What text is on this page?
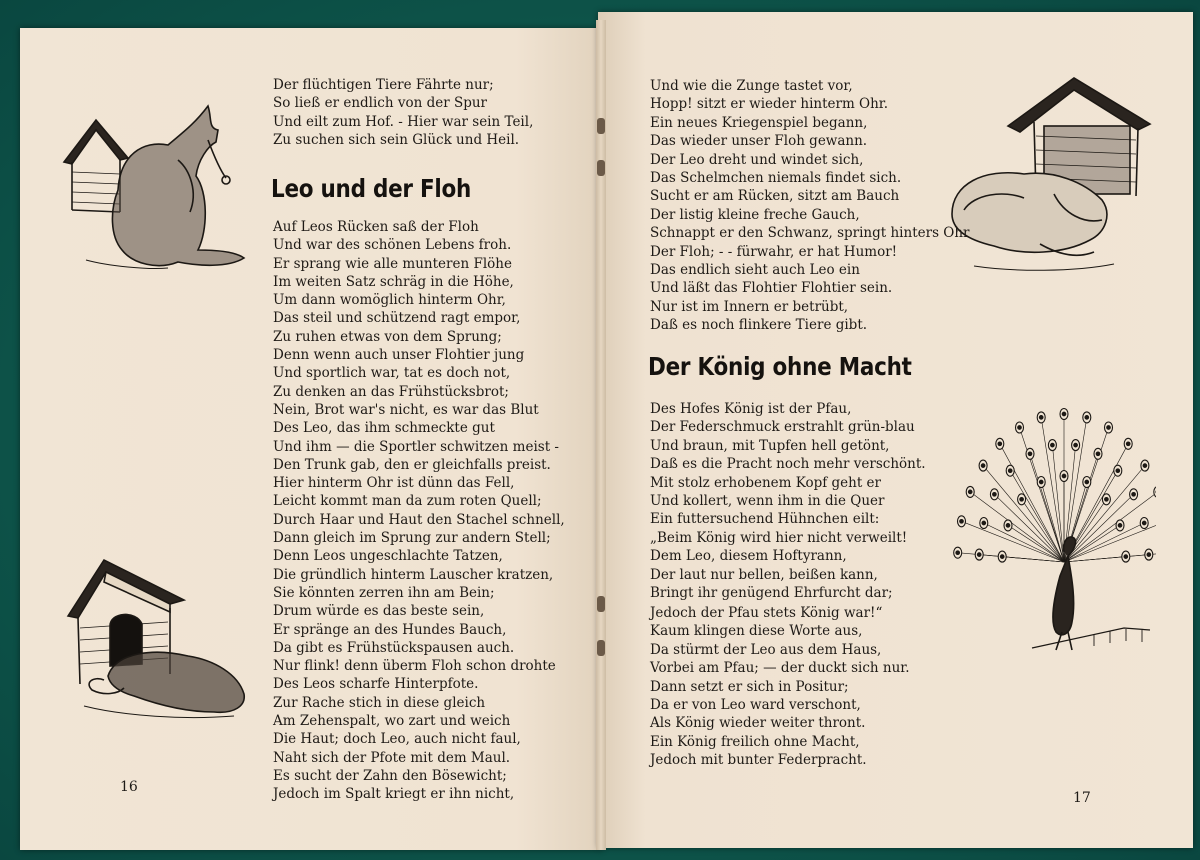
Der flüchtigen Tiere Fährte nur;
So ließ er endlich von der Spur
Und eilt zum Hof. - Hier war sein Teil,
Zu suchen sich sein Glück und Heil.
Leo und der Floh
Auf Leos Rücken saß der Floh
Und war des schönen Lebens froh.
Er sprang wie alle munteren Flöhe
Im weiten Satz schräg in die Höhe,
Um dann womöglich hinterm Ohr,
Das steil und schützend ragt empor,
Zu ruhen etwas von dem Sprung;
Denn wenn auch unser Flohtier jung
Und sportlich war, tat es doch not,
Zu denken an das Frühstücksbrot;
Nein, Brot war's nicht, es war das Blut
Des Leo, das ihm schmeckte gut
Und ihm — die Sportler schwitzen meist -
Den Trunk gab, den er gleichfalls preist.
Hier hinterm Ohr ist dünn das Fell,
Leicht kommt man da zum roten Quell;
Durch Haar und Haut den Stachel schnell,
Dann gleich im Sprung zur andern Stell;
Denn Leos ungeschlachte Tatzen,
Die gründlich hinterm Lauscher kratzen,
Sie könnten zerren ihn am Bein;
Drum würde es das beste sein,
Er spränge an des Hundes Bauch,
Da gibt es Frühstückspausen auch.
Nur flink! denn überm Floh schon drohte
Des Leos scharfe Hinterpfote.
Zur Rache stich in diese gleich
Am Zehenspalt, wo zart und weich
Die Haut; doch Leo, auch nicht faul,
Naht sich der Pfote mit dem Maul.
Es sucht der Zahn den Bösewicht;
Jedoch im Spalt kriegt er ihn nicht,
16
Und wie die Zunge tastet vor,
Hopp! sitzt er wieder hinterm Ohr.
Ein neues Kriegenspiel begann,
Das wieder unser Floh gewann.
Der Leo dreht und windet sich,
Das Schelmchen niemals findet sich.
Sucht er am Rücken, sitzt am Bauch
Der listig kleine freche Gauch,
Schnappt er den Schwanz, springt hinters Ohr
Der Floh; - - fürwahr, er hat Humor!
Das endlich sieht auch Leo ein
Und läßt das Flohtier Flohtier sein.
Nur ist im Innern er betrübt,
Daß es noch flinkere Tiere gibt.
Der König ohne Macht
Des Hofes König ist der Pfau,
Der Federschmuck erstrahlt grün-blau
Und braun, mit Tupfen hell getönt,
Daß es die Pracht noch mehr verschönt.
Mit stolz erhobenem Kopf geht er
Und kollert, wenn ihm in die Quer
Ein futtersuchend Hühnchen eilt:
„Beim König wird hier nicht verweilt!
Dem Leo, diesem Hoftyrann,
Der laut nur bellen, beißen kann,
Bringt ihr genügend Ehrfurcht dar;
Jedoch der Pfau stets König war!“
Kaum klingen diese Worte aus,
Da stürmt der Leo aus dem Haus,
Vorbei am Pfau; — der duckt sich nur.
Dann setzt er sich in Positur;
Da er von Leo ward verschont,
Als König wieder weiter thront.
Ein König freilich ohne Macht,
Jedoch mit bunter Federpracht.
17
